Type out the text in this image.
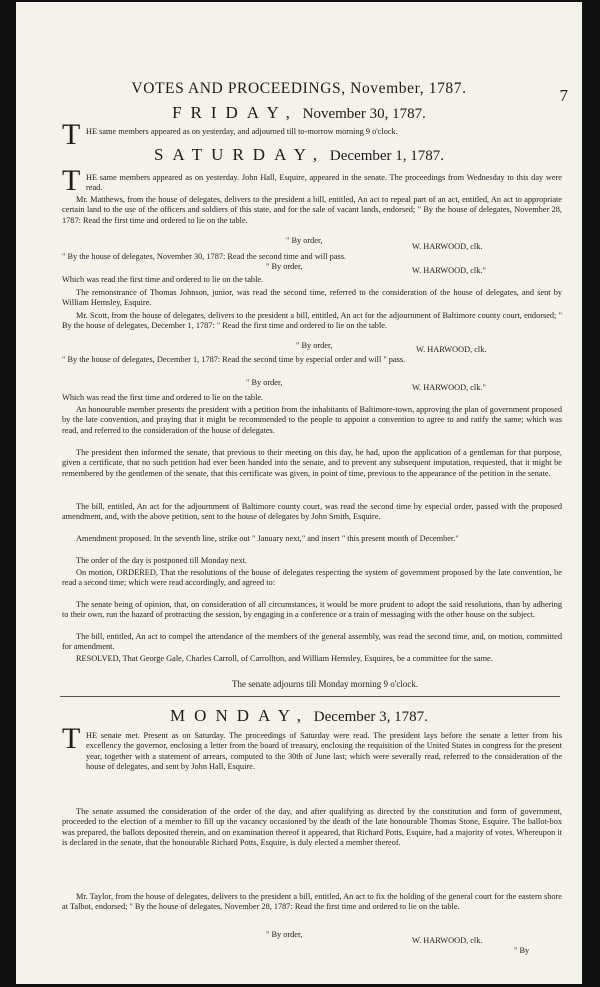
VOTES AND PROCEEDINGS, November, 1787.	7
FRIDAY, November 30, 1787.
T HE same members appeared as on yesterday, and adjourned till to-morrow morning 9 o'clock.

SATURDAY, December 1, 1787.
T HE same members appeared as on yesterday. John Hall, Esquire, appeared in the senate. The proceedings from Wednesday to this day were read.

Mr. Matthews, from the house of delegates, delivers to the president a bill, entitled, An act to repeal part of an act, entitled, An act to appropriate certain land to the use of the officers and soldiers of this state, and for the sale of vacant lands, endorsed; " By the house of delegates, November 28, 1787: Read the first time and ordered to lie on the table.

" By order,
W. HARWOOD, clk.

" By the house of delegates, November 30, 1787: Read the second time and will pass.

" By order,	W. HARWOOD, clk."

Which was read the first time and ordered to lie on the table.

The remonstrance of Thomas Johnson, junior, was read the second time, referred to the consideration of the house of delegates, and sent by William Hemsley, Esquire.

Mr. Scott, from the house of delegates, delivers to the president a bill, entitled, An act for the adjournment of Baltimore county court, endorsed; " By the house of delegates, December 1, 1787: " Read the first time and ordered to lie on the table.

" By order,	W. HARWOOD, clk.

" By the house of delegates, December 1, 1787: Read the second time by especial order and will " pass.

" By order,
W. HARWOOD, clk."

Which was read the first time and ordered to lie on the table.

An honourable member presents the president with a petition from the inhabitants of Baltimore-town, approving the plan of government proposed by the late convention, and praying that it might be recommended to the people to appoint a convention to agree to and ratify the same; which was read, and referred to the consideration of the house of delegates.

The president then informed the senate, that previous to their meeting on this day, he had, upon the application of a gentleman for that purpose, given a certificate, that no such petition had ever been handed into the senate, and to prevent any subsequent imputation, requested, that it might be remembered by the gentlemen of the senate, that this certificate was given, in point of time, previous to the appearance of the petition in the senate.

The bill, entitled, An act for the adjournment of Baltimore county court, was read the second time by especial order, passed with the proposed amendment, and, with the above petition, sent to the house of delegates by John Smith, Esquire.

Amendment proposed. In the seventh line, strike out " January next," and insert " this present month of December."

The order of the day is postponed till Monday next.

On motion, ORDERED, That the resolutions of the house of delegates respecting the system of government proposed by the late convention, be read a second time; which were read accordingly, and agreed to:

The senate being of opinion, that, on consideration of all circumstances, it would be more prudent to adopt the said resolutions, than by adhering to their own, run the hazard of protracting the session, by engaging in a conference or a train of messaging with the other house on the subject.

The bill, entitled, An act to compel the attendance of the members of the general assembly, was read the second time, and, on motion, committed for amendment.

RESOLVED, That George Gale, Charles Carroll, of Carrollton, and William Hemsley, Esquires, be a committee for the same.

The senate adjourns till Monday morning 9 o'clock.
MONDAY, December 3, 1787.
T HE senate met. Present as on Saturday. The proceedings of Saturday were read. The president lays before the senate a letter from his excellency the governor, enclosing a letter from the board of treasury, enclosing the requisition of the United States in congress for the present year, together with a statement of arrears, computed to the 30th of June last; which were severally read, referred to the consideration of the house of delegates, and sent by John Hall, Esquire.

The senate assumed the consideration of the order of the day, and after qualifying as directed by the constitution and form of government, proceeded to the election of a member to fill up the vacancy occasioned by the death of the late honourable Thomas Stone, Esquire. The ballot-box was prepared, the ballots deposited therein, and on examination thereof it appeared, that Richard Potts, Esquire, had a majority of votes. Whereupon it is declared in the senate, that the honourable Richard Potts, Esquire, is duly elected a member thereof.

Mr. Taylor, from the house of delegates, delivers to the president a bill, entitled, An act to fix the holding of the general court for the eastern shore at Talbot, endorsed; " By the house of delegates, November 28, 1787: Read the first time and ordered to lie on the table.

" By order,
W. HARWOOD, clk.
" By
